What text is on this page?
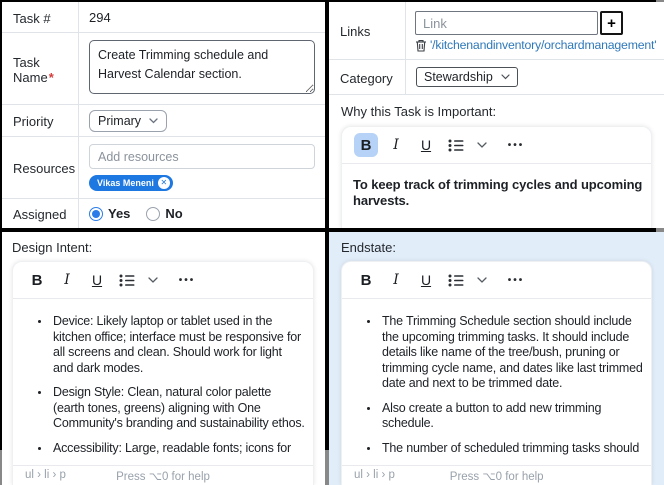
Task #	294
Task Name*
Create Trimming schedule and Harvest Calendar section.
Priority	Primary
Resources
Add resources

Vikas Meneni ✕
Assigned	Yes	No
Links
Link	+
'/kitchenandinventory/orchardmanagement'
Category	Stewardship
Why this Task is Important:
B	I	U	•••
To keep track of trimming cycles and upcoming harvests.
Design Intent:
B	I	U	•••
• Device: Likely laptop or tablet used in the kitchen office; interface must be responsive for all screens and clean. Should work for light and dark modes.
• Design Style: Clean, natural color palette (earth tones, greens) aligning with One Community's branding and sustainability ethos.
• Accessibility: Large, readable fonts; icons for
ul › li › p	Press ⌥0 for help
Endstate:
B	I	U	•••
• The Trimming Schedule section should include the upcoming trimming tasks. It should include details like name of the tree/bush, pruning or trimming cycle name, and dates like last trimmed date and next to be trimmed date.
• Also create a button to add new trimming schedule.
• The number of scheduled trimming tasks should
ul › li › p	Press ⌥0 for help
